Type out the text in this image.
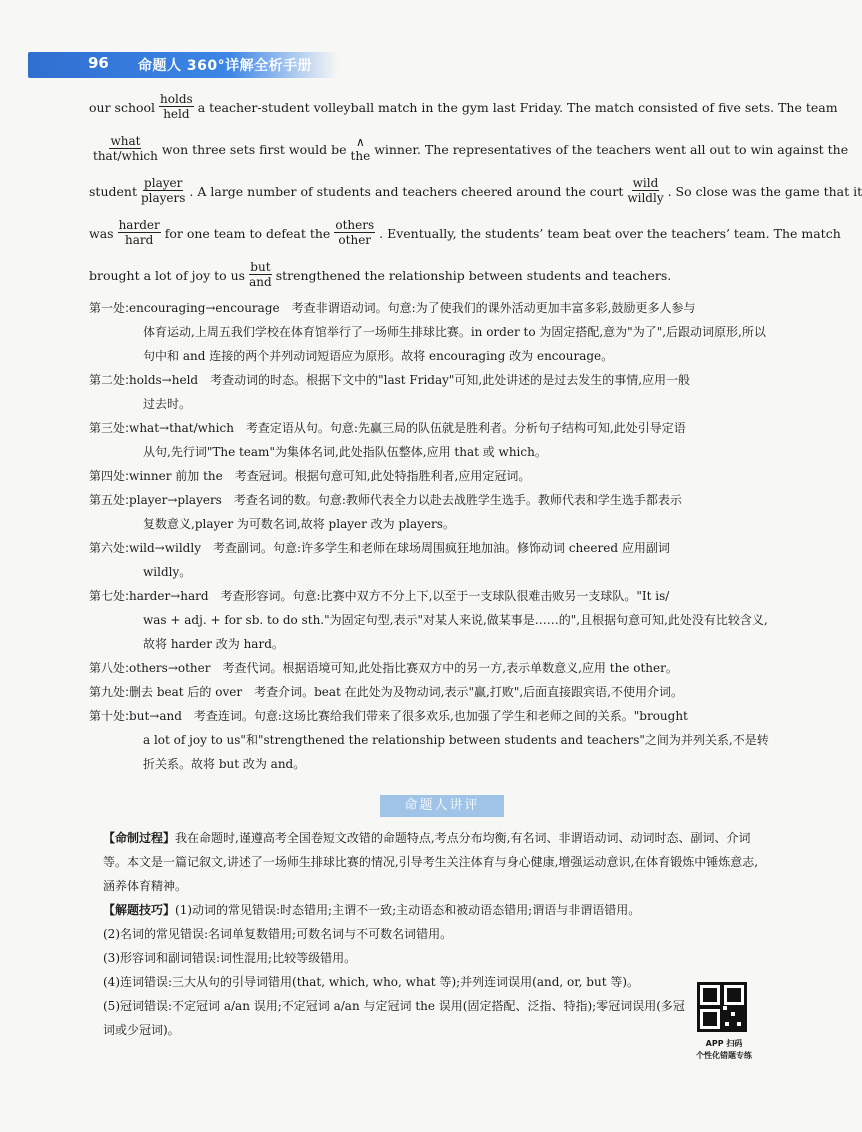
96 命题人 360°详解全析手册
our school
holds
held a teacher-student volleyball match in the gym last Friday. The match consisted of five sets. The team
what
that/which won three sets first would be ∧
the winner. The representatives of the teachers went all out to win against the
student
player
players . A large number of students and teachers cheered around the court
wild
wildly . So close was the game that it
was
harder
hard for one team to defeat the
others
other . Eventually, the students’ team beat over the teachers’ team. The match
brought a lot of joy to us
but
and strengthened the relationship between students and teachers.
第一处:encouraging→encourage　考查非谓语动词。句意:为了使我们的课外活动更加丰富多彩,鼓励更多人参与
体育运动,上周五我们学校在体育馆举行了一场师生排球比赛。in order to 为固定搭配,意为"为了",后跟动词原形,所以句中和 and 连接的两个并列动词短语应为原形。故将 encouraging 改为 encourage。
第二处:holds→held　考查动词的时态。根据下文中的"last Friday"可知,此处讲述的是过去发生的事情,应用一般
过去时。
第三处:what→that/which　考查定语从句。句意:先赢三局的队伍就是胜利者。分析句子结构可知,此处引导定语
从句,先行词"The team"为集体名词,此处指队伍整体,应用 that 或 which。
第四处:winner 前加 the　考查冠词。根据句意可知,此处特指胜利者,应用定冠词。
第五处:player→players　考查名词的数。句意:教师代表全力以赴去战胜学生选手。教师代表和学生选手都表示
复数意义,player 为可数名词,故将 player 改为 players。
第六处:wild→wildly　考查副词。句意:许多学生和老师在球场周围疯狂地加油。修饰动词 cheered 应用副词
wildly。
第七处:harder→hard　考查形容词。句意:比赛中双方不分上下,以至于一支球队很难击败另一支球队。"It is/
was + adj. + for sb. to do sth."为固定句型,表示"对某人来说,做某事是……的",且根据句意可知,此处没有比较含义,故将 harder 改为 hard。
第八处:others→other　考查代词。根据语境可知,此处指比赛双方中的另一方,表示单数意义,应用 the other。
第九处:删去 beat 后的 over　考查介词。beat 在此处为及物动词,表示"赢,打败",后面直接跟宾语,不使用介词。
第十处:but→and　考查连词。句意:这场比赛给我们带来了很多欢乐,也加强了学生和老师之间的关系。"brought
a lot of joy to us"和"strengthened the relationship between students and teachers"之间为并列关系,不是转折关系。故将 but 改为 and。
命题人讲评
【命制过程】我在命题时,谨遵高考全国卷短文改错的命题特点,考点分布均衡,有名词、非谓语动词、动词时态、副词、介词等。本文是一篇记叙文,讲述了一场师生排球比赛的情况,引导考生关注体育与身心健康,增强运动意识,在体育锻炼中锤炼意志,涵养体育精神。
【解题技巧】(1)动词的常见错误:时态错用;主谓不一致;主动语态和被动语态错用;谓语与非谓语错用。
(2)名词的常见错误:名词单复数错用;可数名词与不可数名词错用。
(3)形容词和副词错误:词性混用;比较等级错用。
(4)连词错误:三大从句的引导词错用(that, which, who, what 等);并列连词误用(and, or, but 等)。
(5)冠词错误:不定冠词 a/an 误用;不定冠词 a/an 与定冠词 the 误用(固定搭配、泛指、特指);零冠词误用(多冠词或少冠词)。
APP 扫码
个性化错题专练
